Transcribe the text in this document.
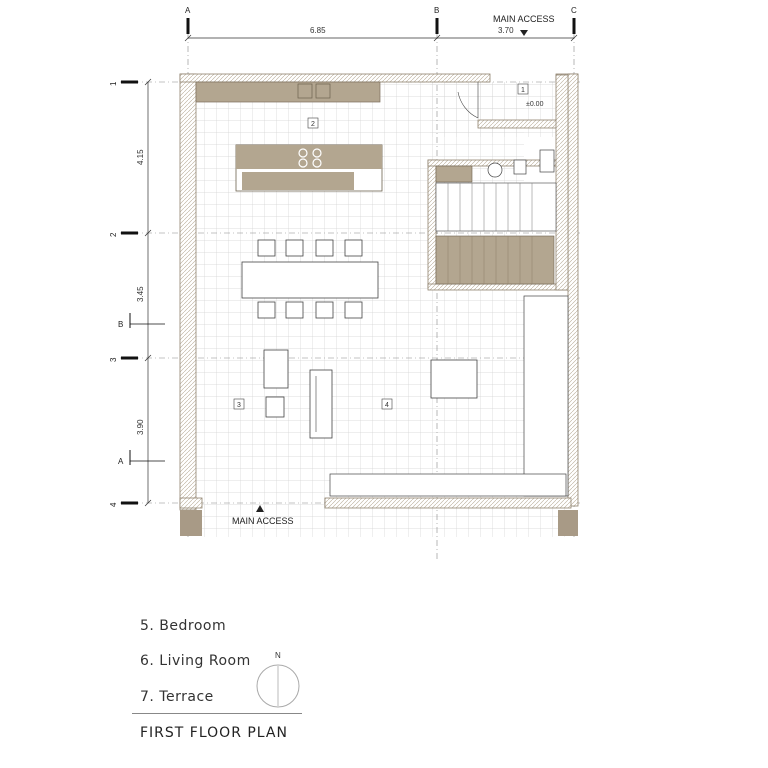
6.85	3.70
4.15
3.45
3.90
A	B	C
1
2
3
4
B
A
MAIN ACCESS
MAIN ACCESS
±0.00
1
2
3	4
N
5. Bedroom
6. Living Room
7. Terrace
FIRST FLOOR PLAN
